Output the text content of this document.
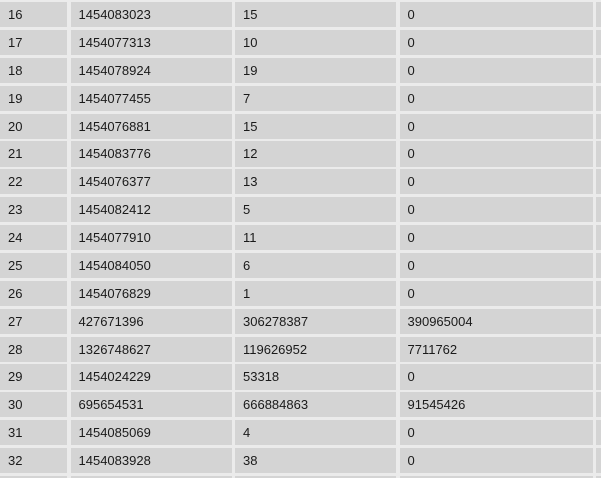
16	1454083023	15	0
17	1454077313	10	0
18	1454078924	19	0
19	1454077455	7	0
20	1454076881	15	0
21	1454083776	12	0
22	1454076377	13	0
23	1454082412	5	0
24	1454077910	11	0
25	1454084050	6	0
26	1454076829	1	0
27	427671396	306278387	390965004
28	1326748627	119626952	7711762
29	1454024229	53318	0
30	695654531	666884863	91545426
31	1454085069	4	0
32	1454083928	38	0
